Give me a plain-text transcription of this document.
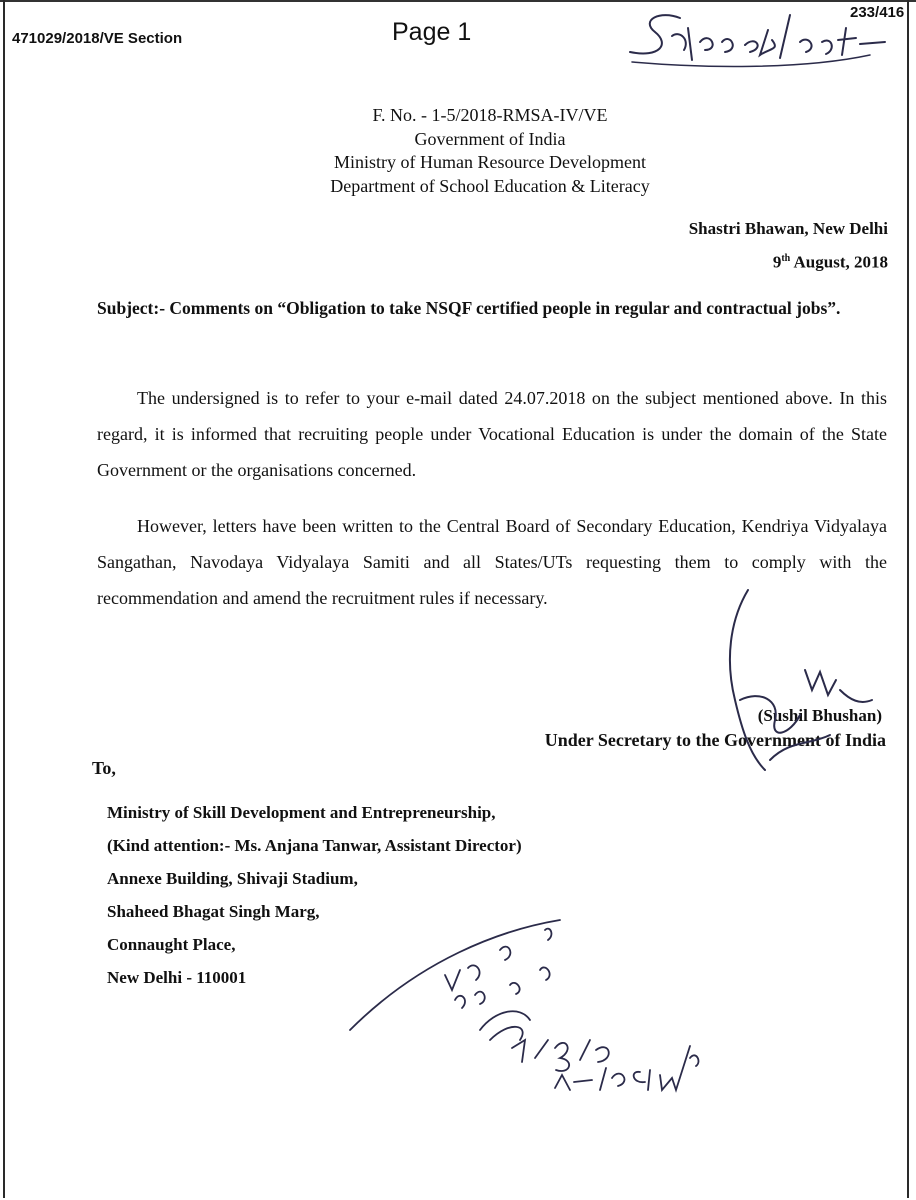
471029/2018/VE Section	Page 1
233/416
F. No. - 1-5/2018-RMSA-IV/VE
Government of India
Ministry of Human Resource Development
Department of School Education & Literacy
Shastri Bhawan, New Delhi
9th August, 2018
Subject:- Comments on “Obligation to take NSQF certified people in regular and contractual jobs”.
The undersigned is to refer to your e-mail dated 24.07.2018 on the subject mentioned above. In this regard, it is informed that recruiting people under Vocational Education is under the domain of the State Government or the organisations concerned.
However, letters have been written to the Central Board of Secondary Education, Kendriya Vidyalaya Sangathan, Navodaya Vidyalaya Samiti and all States/UTs requesting them to comply with the recommendation and amend the recruitment rules if necessary.
(Sushil Bhushan)
Under Secretary to the Government of India
To,
Ministry of Skill Development and Entrepreneurship,
(Kind attention:- Ms. Anjana Tanwar, Assistant Director)
Annexe Building, Shivaji Stadium,
Shaheed Bhagat Singh Marg,
Connaught Place,
New Delhi - 110001
